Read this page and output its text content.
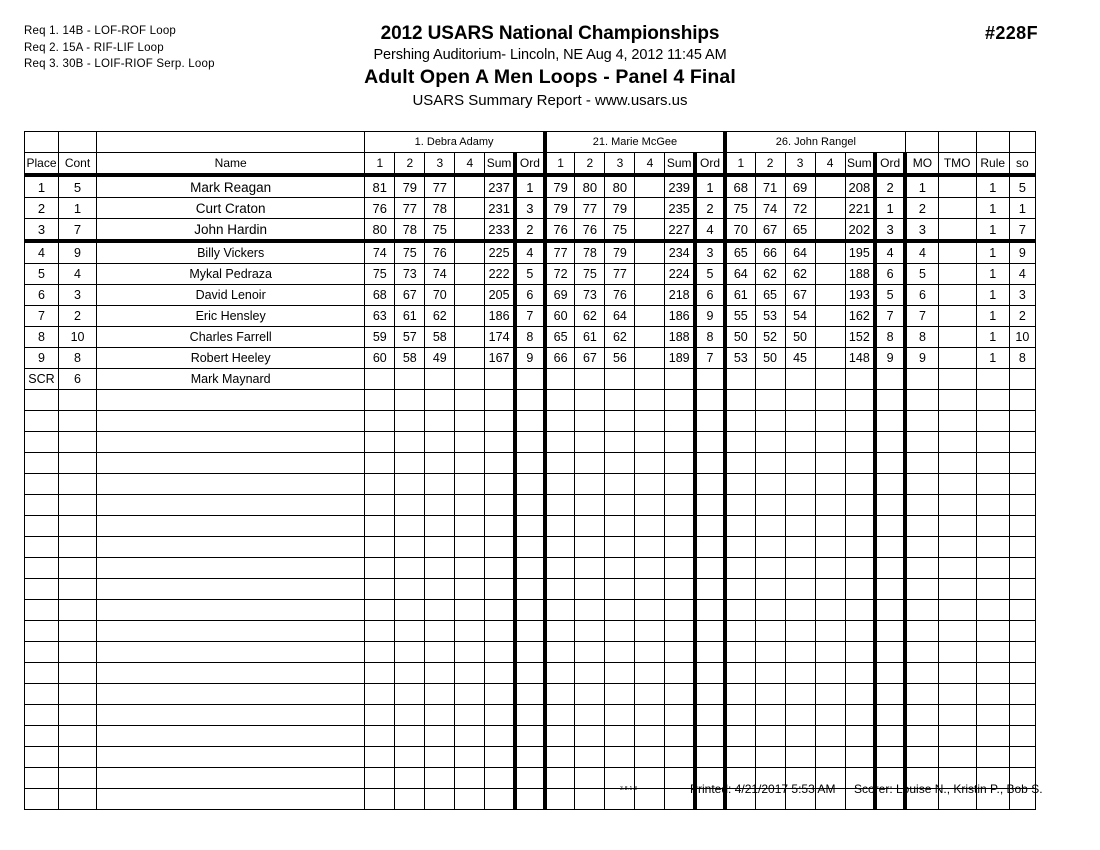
Req 1. 14B - LOF-ROF Loop
Req 2. 15A - RIF-LIF Loop
Req 3. 30B - LOIF-RIOF Serp. Loop
2012 USARS National Championships
Pershing Auditorium- Lincoln, NE Aug 4, 2012 11:45 AM
Adult Open A Men Loops - Panel 4 Final
USARS Summary Report - www.usars.us
#228F
			1. Debra Adamy						21. Marie McGee						26. John Rangel									
Place	Cont	Name	1	2	3	4	Sum	Ord	1	2	3	4	Sum	Ord	1	2	3	4	Sum	Ord	MO	TMO	Rule	so
1	5	Mark Reagan	81	79	77		237	1	79	80	80		239	1	68	71	69		208	2	1		1	5
2	1	Curt Craton	76	77	78		231	3	79	77	79		235	2	75	74	72		221	1	2		1	1
3	7	John Hardin	80	78	75		233	2	76	76	75		227	4	70	67	65		202	3	3		1	7
4	9	Billy Vickers	74	75	76		225	4	77	78	79		234	3	65	66	64		195	4	4		1	9
5	4	Mykal Pedraza	75	73	74		222	5	72	75	77		224	5	64	62	62		188	6	5		1	4
6	3	David Lenoir	68	67	70		205	6	69	73	76		218	6	61	65	67		193	5	6		1	3
7	2	Eric Hensley	63	61	62		186	7	60	62	64		186	9	55	53	54		162	7	7		1	2
8	10	Charles Farrell	59	57	58		174	8	65	61	62		188	8	50	52	50		152	8	8		1	10
9	8	Robert Heeley	60	58	49		167	9	66	67	56		189	7	53	50	45		148	9	9		1	8
SCR	6	Mark Maynard																						

3.8.1.8	Printed: 4/21/2017 5:53 AM Scorer: Louise N., Kristin P., Bob S.
